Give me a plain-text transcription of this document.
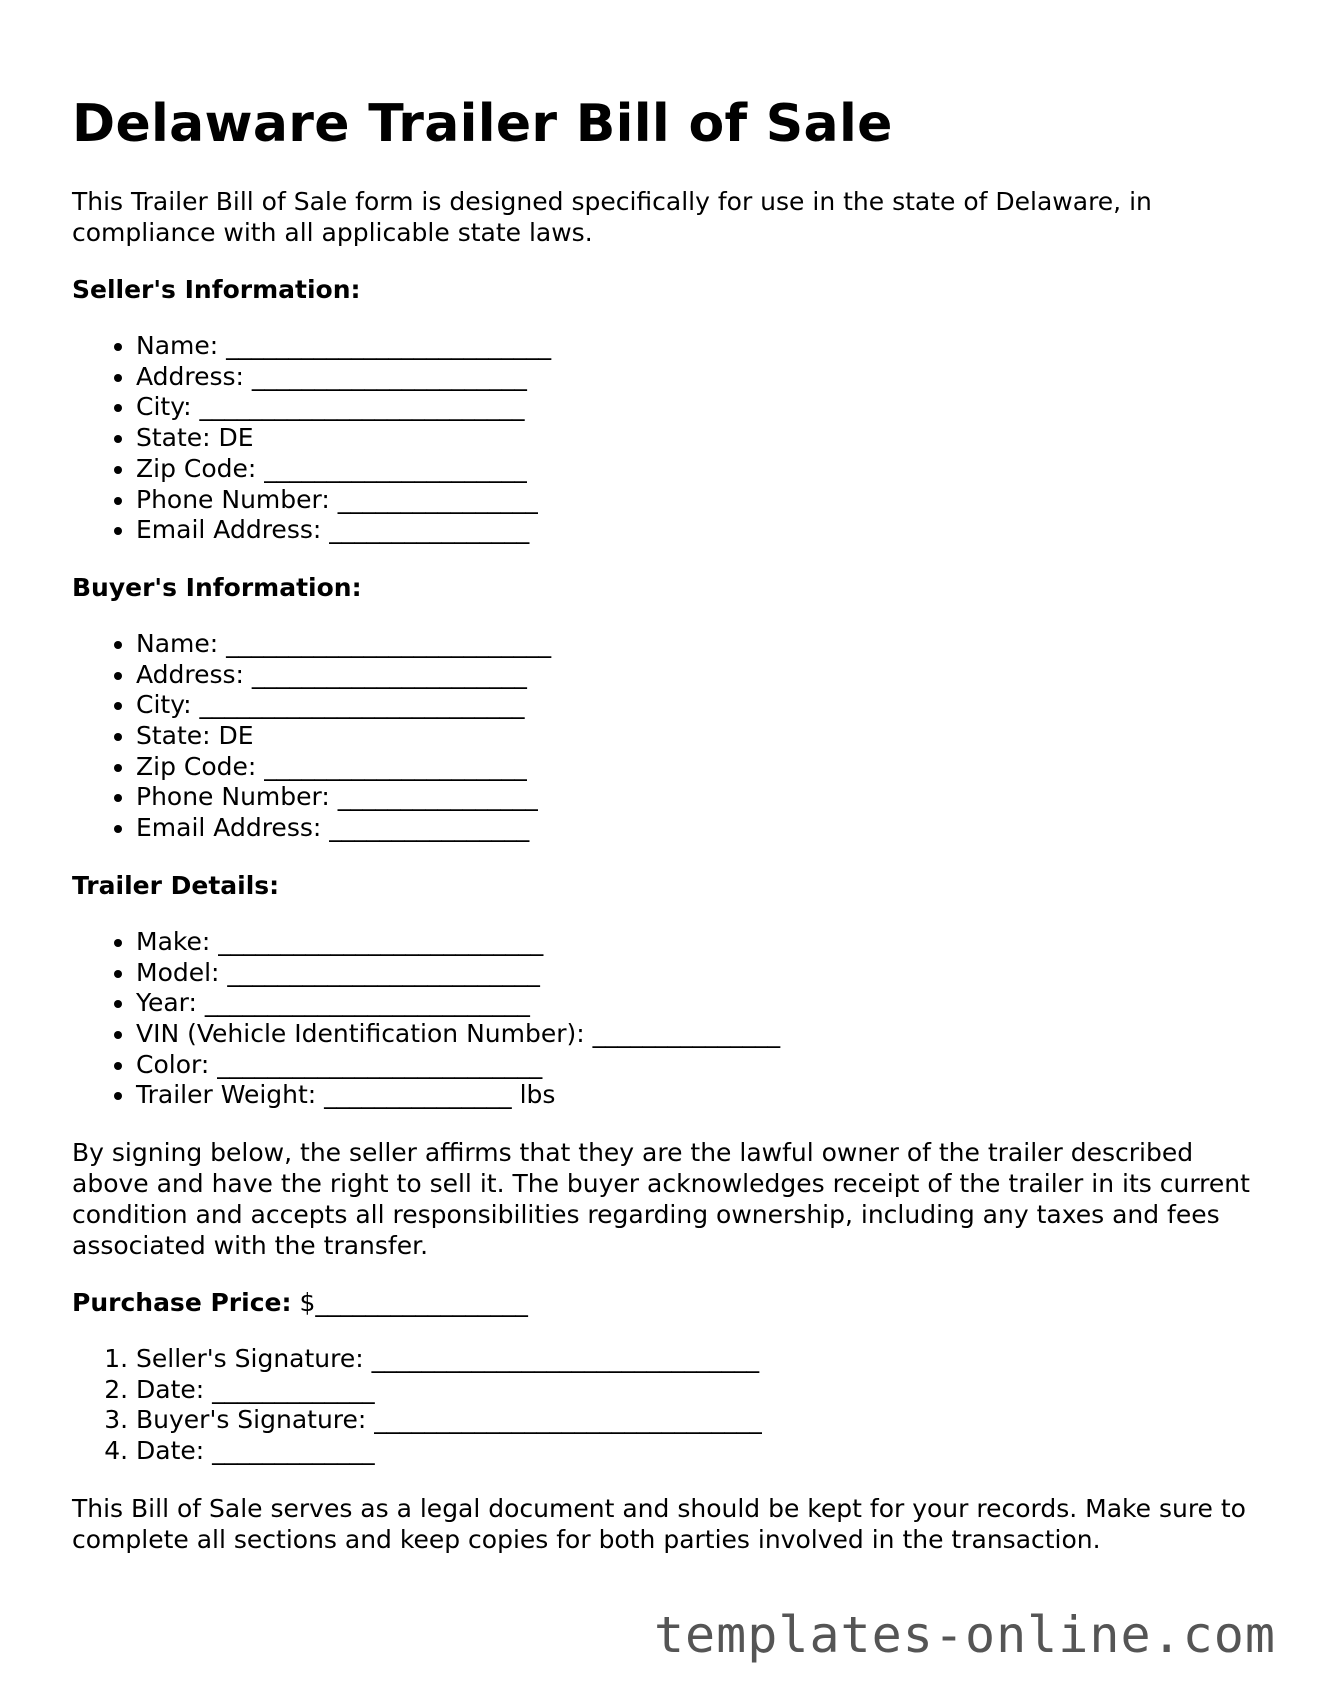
Delaware Trailer Bill of Sale

This Trailer Bill of Sale form is designed specifically for use in the state of Delaware, in compliance with all applicable state laws.

Seller's Information:
• Name: __________________________
• Address: ______________________
• City: __________________________
• State: DE
• Zip Code: _____________________
• Phone Number: ________________
• Email Address: ________________
Buyer's Information:
• Name: __________________________
• Address: ______________________
• City: __________________________
• State: DE
• Zip Code: _____________________
• Phone Number: ________________
• Email Address: ________________
Trailer Details:
• Make: __________________________
• Model: _________________________
• Year: __________________________
• VIN (Vehicle Identification Number): _______________
• Color: __________________________
• Trailer Weight: _______________ lbs

By signing below, the seller affirms that they are the lawful owner of the trailer described above and have the right to sell it. The buyer acknowledges receipt of the trailer in its current condition and accepts all responsibilities regarding ownership, including any taxes and fees associated with the transfer.

Purchase Price: $_________________
1. Seller's Signature: _______________________________
2. Date: _____________
3. Buyer's Signature: _______________________________
4. Date: _____________

This Bill of Sale serves as a legal document and should be kept for your records. Make sure to complete all sections and keep copies for both parties involved in the transaction.

templates-online.com
